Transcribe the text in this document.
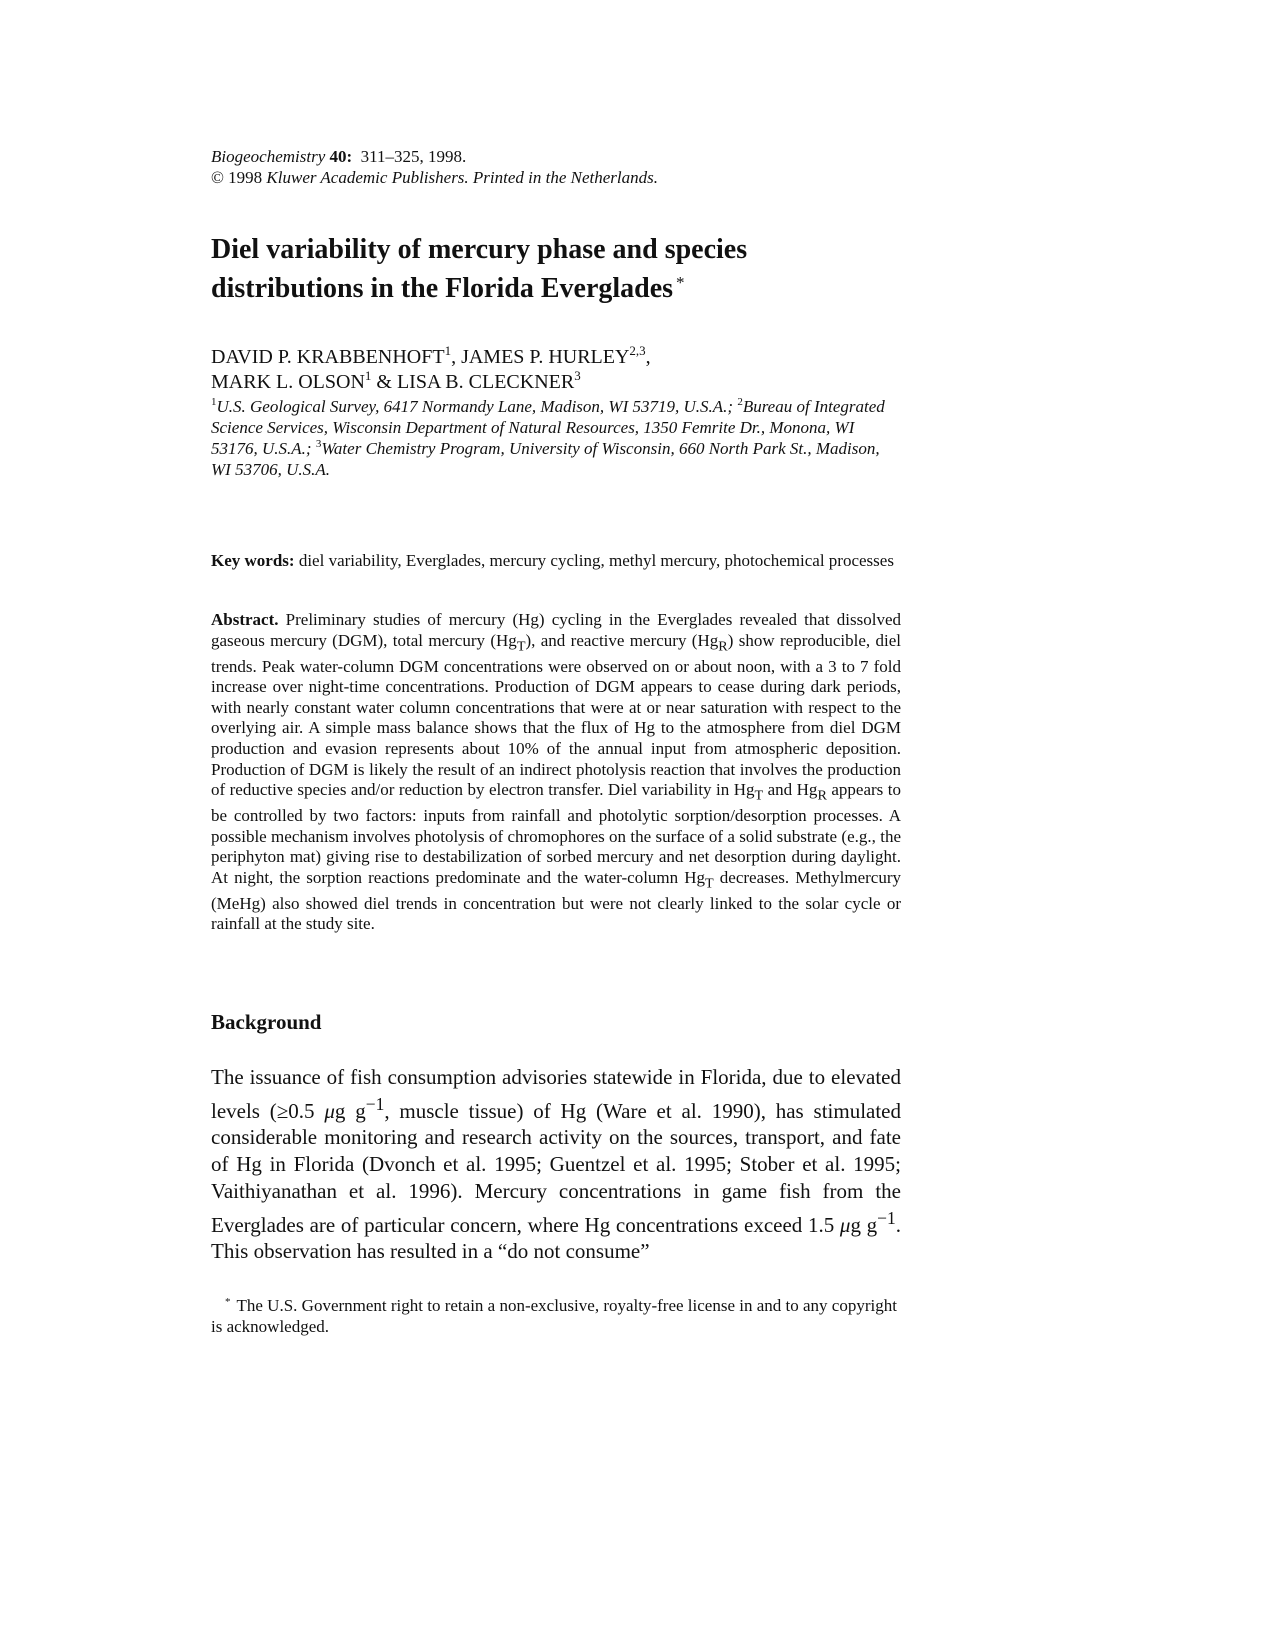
Biogeochemistry 40: 311–325, 1998.
© 1998 Kluwer Academic Publishers. Printed in the Netherlands.
Diel variability of mercury phase and species
distributions in the Florida Everglades *
DAVID P. KRABBENHOFT$^1$, JAMES P. HURLEY$^{2,3}$,
MARK L. OLSON$^1$ & LISA B. CLECKNER$^3$
$^1$U.S. Geological Survey, 6417 Normandy Lane, Madison, WI 53719, U.S.A.; $^2$Bureau of Integrated Science Services, Wisconsin Department of Natural Resources, 1350 Femrite Dr., Monona, WI 53176, U.S.A.; $^3$Water Chemistry Program, University of Wisconsin, 660 North Park St., Madison, WI 53706, U.S.A.

Key words: diel variability, Everglades, mercury cycling, methyl mercury, photochemical processes

Abstract. Preliminary studies of mercury (Hg) cycling in the Everglades revealed that dissolved gaseous mercury (DGM), total mercury $(Hg_T)$, and reactive mercury $(Hg_R)$ show reproducible, diel trends. Peak water-column DGM concentrations were observed on or about noon, with a 3 to 7 fold increase over night-time concentrations. Production of DGM appears to cease during dark periods, with nearly constant water column concentrations that were at or near saturation with respect to the overlying air. A simple mass balance shows that the flux of Hg to the atmosphere from diel DGM production and evasion represents about 10% of the annual input from atmospheric deposition. Production of DGM is likely the result of an indirect photolysis reaction that involves the production of reductive species and/or reduction by electron transfer. Diel variability in $Hg_T$ and $Hg_R$ appears to be controlled by two factors: inputs from rainfall and photolytic sorption/desorption processes. A possible mechanism involves photolysis of chromophores on the surface of a solid substrate (e.g., the periphyton mat) giving rise to destabilization of sorbed mercury and net desorption during daylight. At night, the sorption reactions predominate and the water-column $Hg_T$ decreases. Methylmercury (MeHg) also showed diel trends in concentration but were not clearly linked to the solar cycle or rainfall at the study site.

Background

The issuance of fish consumption advisories statewide in Florida, due to elevated levels (≥0.5 μg $g^{-1}$, muscle tissue) of Hg (Ware et al. 1990), has stimulated considerable monitoring and research activity on the sources, transport, and fate of Hg in Florida (Dvonch et al. 1995; Guentzel et al. 1995; Stober et al. 1995; Vaithiyanathan et al. 1996). Mercury concentrations in game fish from the Everglades are of particular concern, where Hg concentrations exceed 1.5 μg $g^{-1}$. This observation has resulted in a “do not consume”

* The U.S. Government right to retain a non-exclusive, royalty-free license in and to any copyright is acknowledged.
